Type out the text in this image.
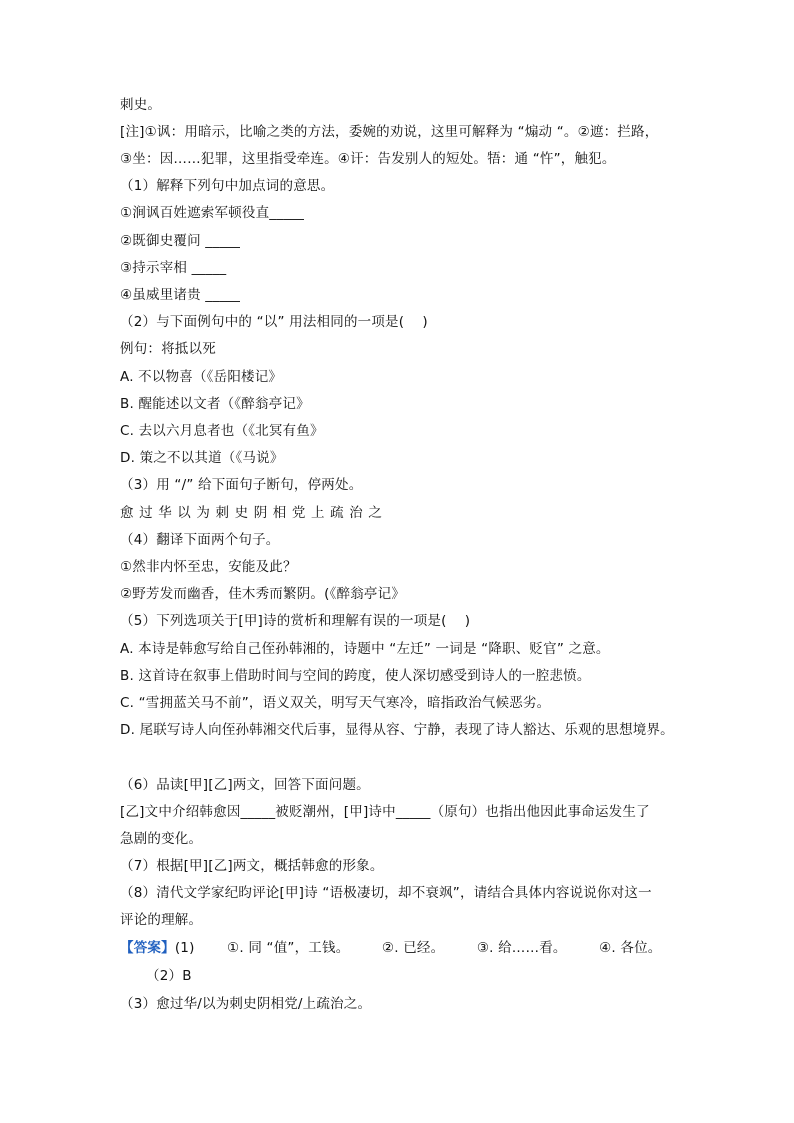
刺史。
[注]①讽：用暗示，比喻之类的方法，委婉的劝说，这里可解释为 “煽动 “。②遮：拦路，
③坐：因……犯罪，这里指受牵连。④讦：告发别人的短处。牾：通 “忤”，触犯。
（1）解释下列句中加点词的意思。
①涧讽百姓遮索军顿役直_____
②既御史覆问 _____
③持示宰相 _____
④虽威里诸贵 _____
（2）与下面例句中的 “以” 用法相同的一项是(　 )
例句：将抵以死
A. 不以物喜（《岳阳楼记》
B. 醒能述以文者（《醉翁亭记》
C. 去以六月息者也（《北冥有鱼》
D. 策之不以其道（《马说》
（3）用 “/” 给下面句子断句，停两处。
愈过华以为刺史阴相党上疏治之
（4）翻译下面两个句子。
①然非内怀至忠，安能及此？
②野芳发而幽香，佳木秀而繁阴。(《醉翁亭记》
（5）下列选项关于[甲]诗的赏析和理解有误的一项是(　 )
A. 本诗是韩愈写给自己侄孙韩湘的，诗题中 “左迁” 一词是 “降职、贬官” 之意。
B. 这首诗在叙事上借助时间与空间的跨度，使人深切感受到诗人的一腔悲愤。
C. “雪拥蓝关马不前”，语义双关，明写天气寒冷，暗指政治气候恶劣。
D. 尾联写诗人向侄孙韩湘交代后事，显得从容、宁静，表现了诗人豁达、乐观的思想境界。
（6）品读[甲][乙]两文，回答下面问题。
[乙]文中介绍韩愈因_____被贬潮州，[甲]诗中_____（原句）也指出他因此事命运发生了
急剧的变化。
（7）根据[甲][乙]两文，概括韩愈的形象。
（8）清代文学家纪昀评论[甲]诗 “语极凄切，却不衰飒”，请结合具体内容说说你对这一
评论的理解。
【答案】(1) ①. 同 “值”，工钱。 ②. 已经。 ③. 给……看。 ④. 各位。
（2）B
（3）愈过华/以为刺史阴相党/上疏治之。
